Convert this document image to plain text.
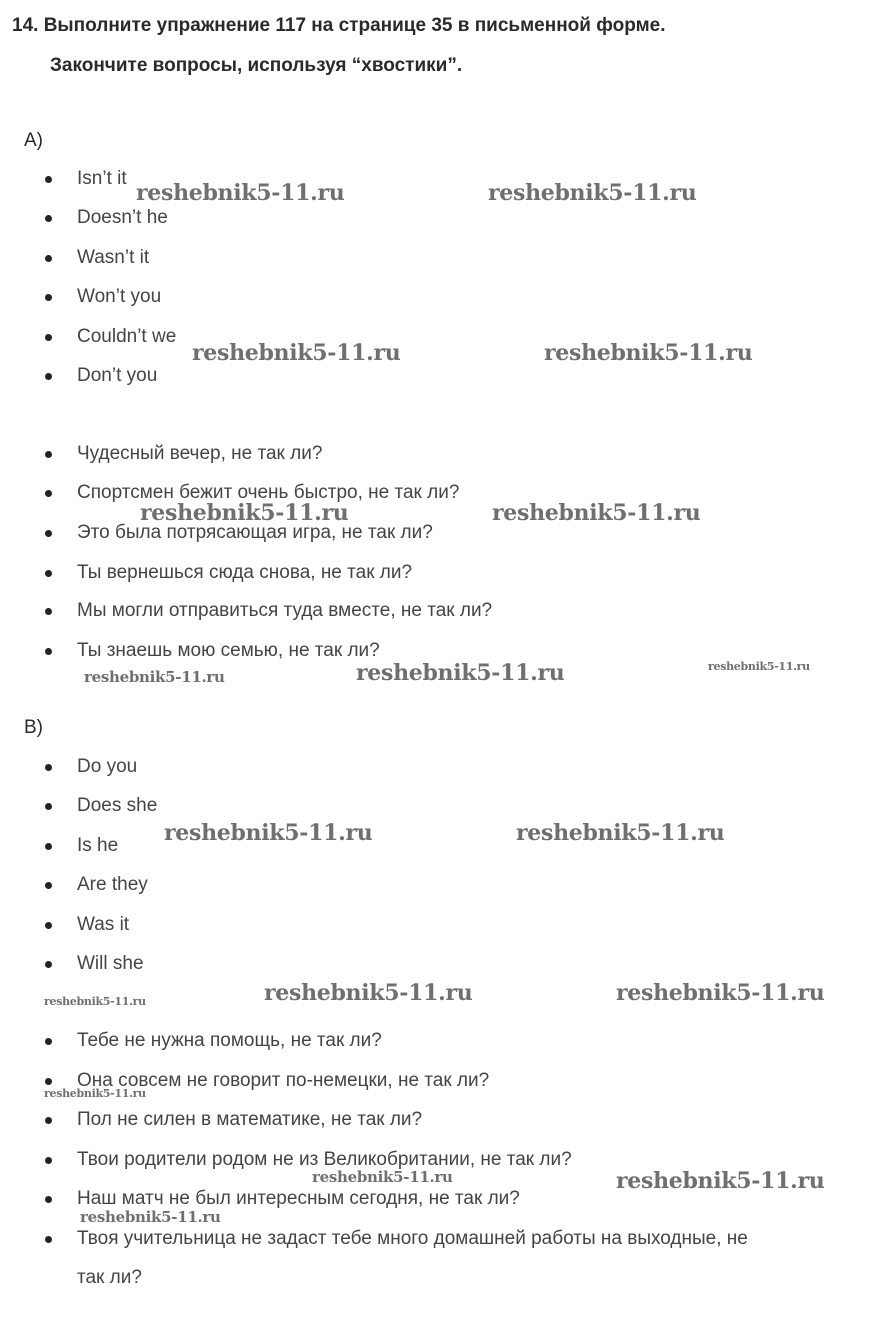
14. Выполните упражнение 117 на странице 35 в письменной форме.
Закончите вопросы, используя “хвостики”.
A)
Isn’t it
Doesn’t he
Wasn’t it
Won’t you
Couldn’t we
Don’t you
Чудесный вечер, не так ли?
Спортсмен бежит очень быстро, не так ли?
Это была потрясающая игра, не так ли?
Ты вернешься сюда снова, не так ли?
Мы могли отправиться туда вместе, не так ли?
Ты знаешь мою семью, не так ли?
B)
Do you
Does she
Is he
Are they
Was it
Will she
Тебе не нужна помощь, не так ли?
Она совсем не говорит по-немецки, не так ли?
Пол не силен в математике, не так ли?
Твои родители родом не из Великобритании, не так ли?
Наш матч не был интересным сегодня, не так ли?
Твоя учительница не задаст тебе много домашней работы на выходные, не
так ли?
reshebnik5-11.ru	reshebnik5-11.ru
reshebnik5-11.ru	reshebnik5-11.ru
reshebnik5-11.ru	reshebnik5-11.ru
reshebnik5-11.ru	reshebnik5-11.ru	reshebnik5-11.ru
reshebnik5-11.ru	reshebnik5-11.ru
reshebnik5-11.ru	reshebnik5-11.ru	reshebnik5-11.ru
reshebnik5-11.ru
reshebnik5-11.ru	reshebnik5-11.ru
reshebnik5-11.ru
